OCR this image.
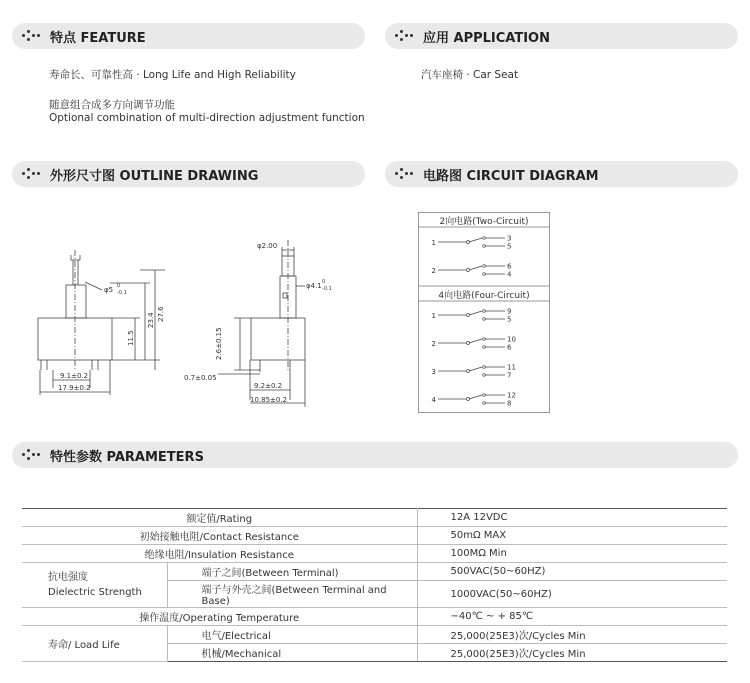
特点 FEATURE	应用 APPLICATION
寿命长、可靠性高 · Long Life and High Reliability
随意组合成多方向调节功能
Optional combination of multi-direction adjustment function
汽车座椅 · Car Seat
外形尺寸图 OUTLINE DRAWING	电路图 CIRCUIT DIAGRAM
φ5 0
-0.1
27.6
23.4
11.5
9.1±0.2
17.9±0.2
φ2.00
φ4.1 0
-0.1
2.6±0.15
0.7±0.05
9.2±0.2
10.85±0.2
2向电路(Two-Circuit)
4向电路(Four-Circuit)
1
3
5
2
6
4
1
9
5
2
10
6
3
11
7
4
12
8
特性参数 PARAMETERS
额定值/Rating		12A 12VDC
初始接触电阻/Contact Resistance		50mΩ MAX
绝缘电阻/Insulation Resistance		100MΩ Min

抗电强度
Dielectric Strength	端子之间(Between Terminal)	500VAC(50~60HZ)
	端子与外壳之间(Between Terminal and Base)	1000VAC(50~60HZ)
操作温度/Operating Temperature		−40℃ ~ + 85℃
寿命/ Load Life	电气/Electrical	25,000(25E3)次/Cycles Min
	机械/Mechanical	25,000(25E3)次/Cycles Min
